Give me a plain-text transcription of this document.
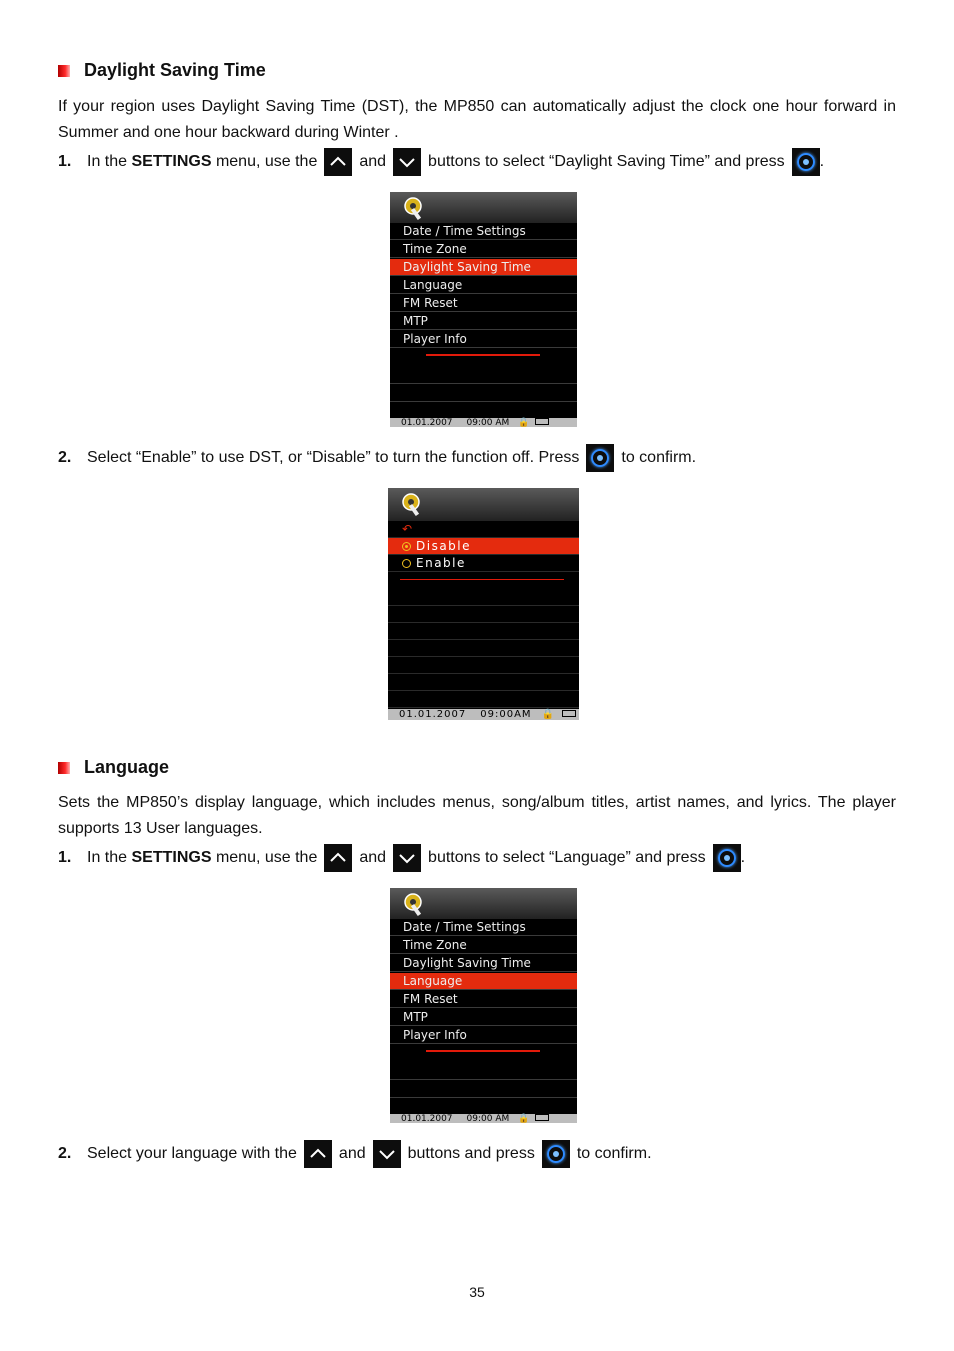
Daylight Saving Time
If your region uses Daylight Saving Time (DST), the MP850 can automatically adjust the clock one hour forward in Summer and one hour backward during Winter .
1. In the SETTINGS menu, use the	and	buttons to select “Daylight Saving Time” and press .
Date / Time Settings
Time Zone
Daylight Saving Time
Language
FM Reset
MTP
Player Info
01.01.2007 09:00 AM 🔒
2. Select “Enable” to use DST, or “Disable” to turn the function off. Press	to confirm.
↶
Disable
Enable
01.01.2007 09:00AM 🔒
Language
Sets the MP850’s display language, which includes menus, song/album titles, artist names, and lyrics. The player supports 13 User languages.
1. In the SETTINGS menu, use the	and	buttons to select “Language” and press .
Date / Time Settings
Time Zone
Daylight Saving Time
Language
FM Reset
MTP
Player Info
01.01.2007 09:00 AM 🔒
2. Select your language with the	and	buttons and press	to confirm.
35
